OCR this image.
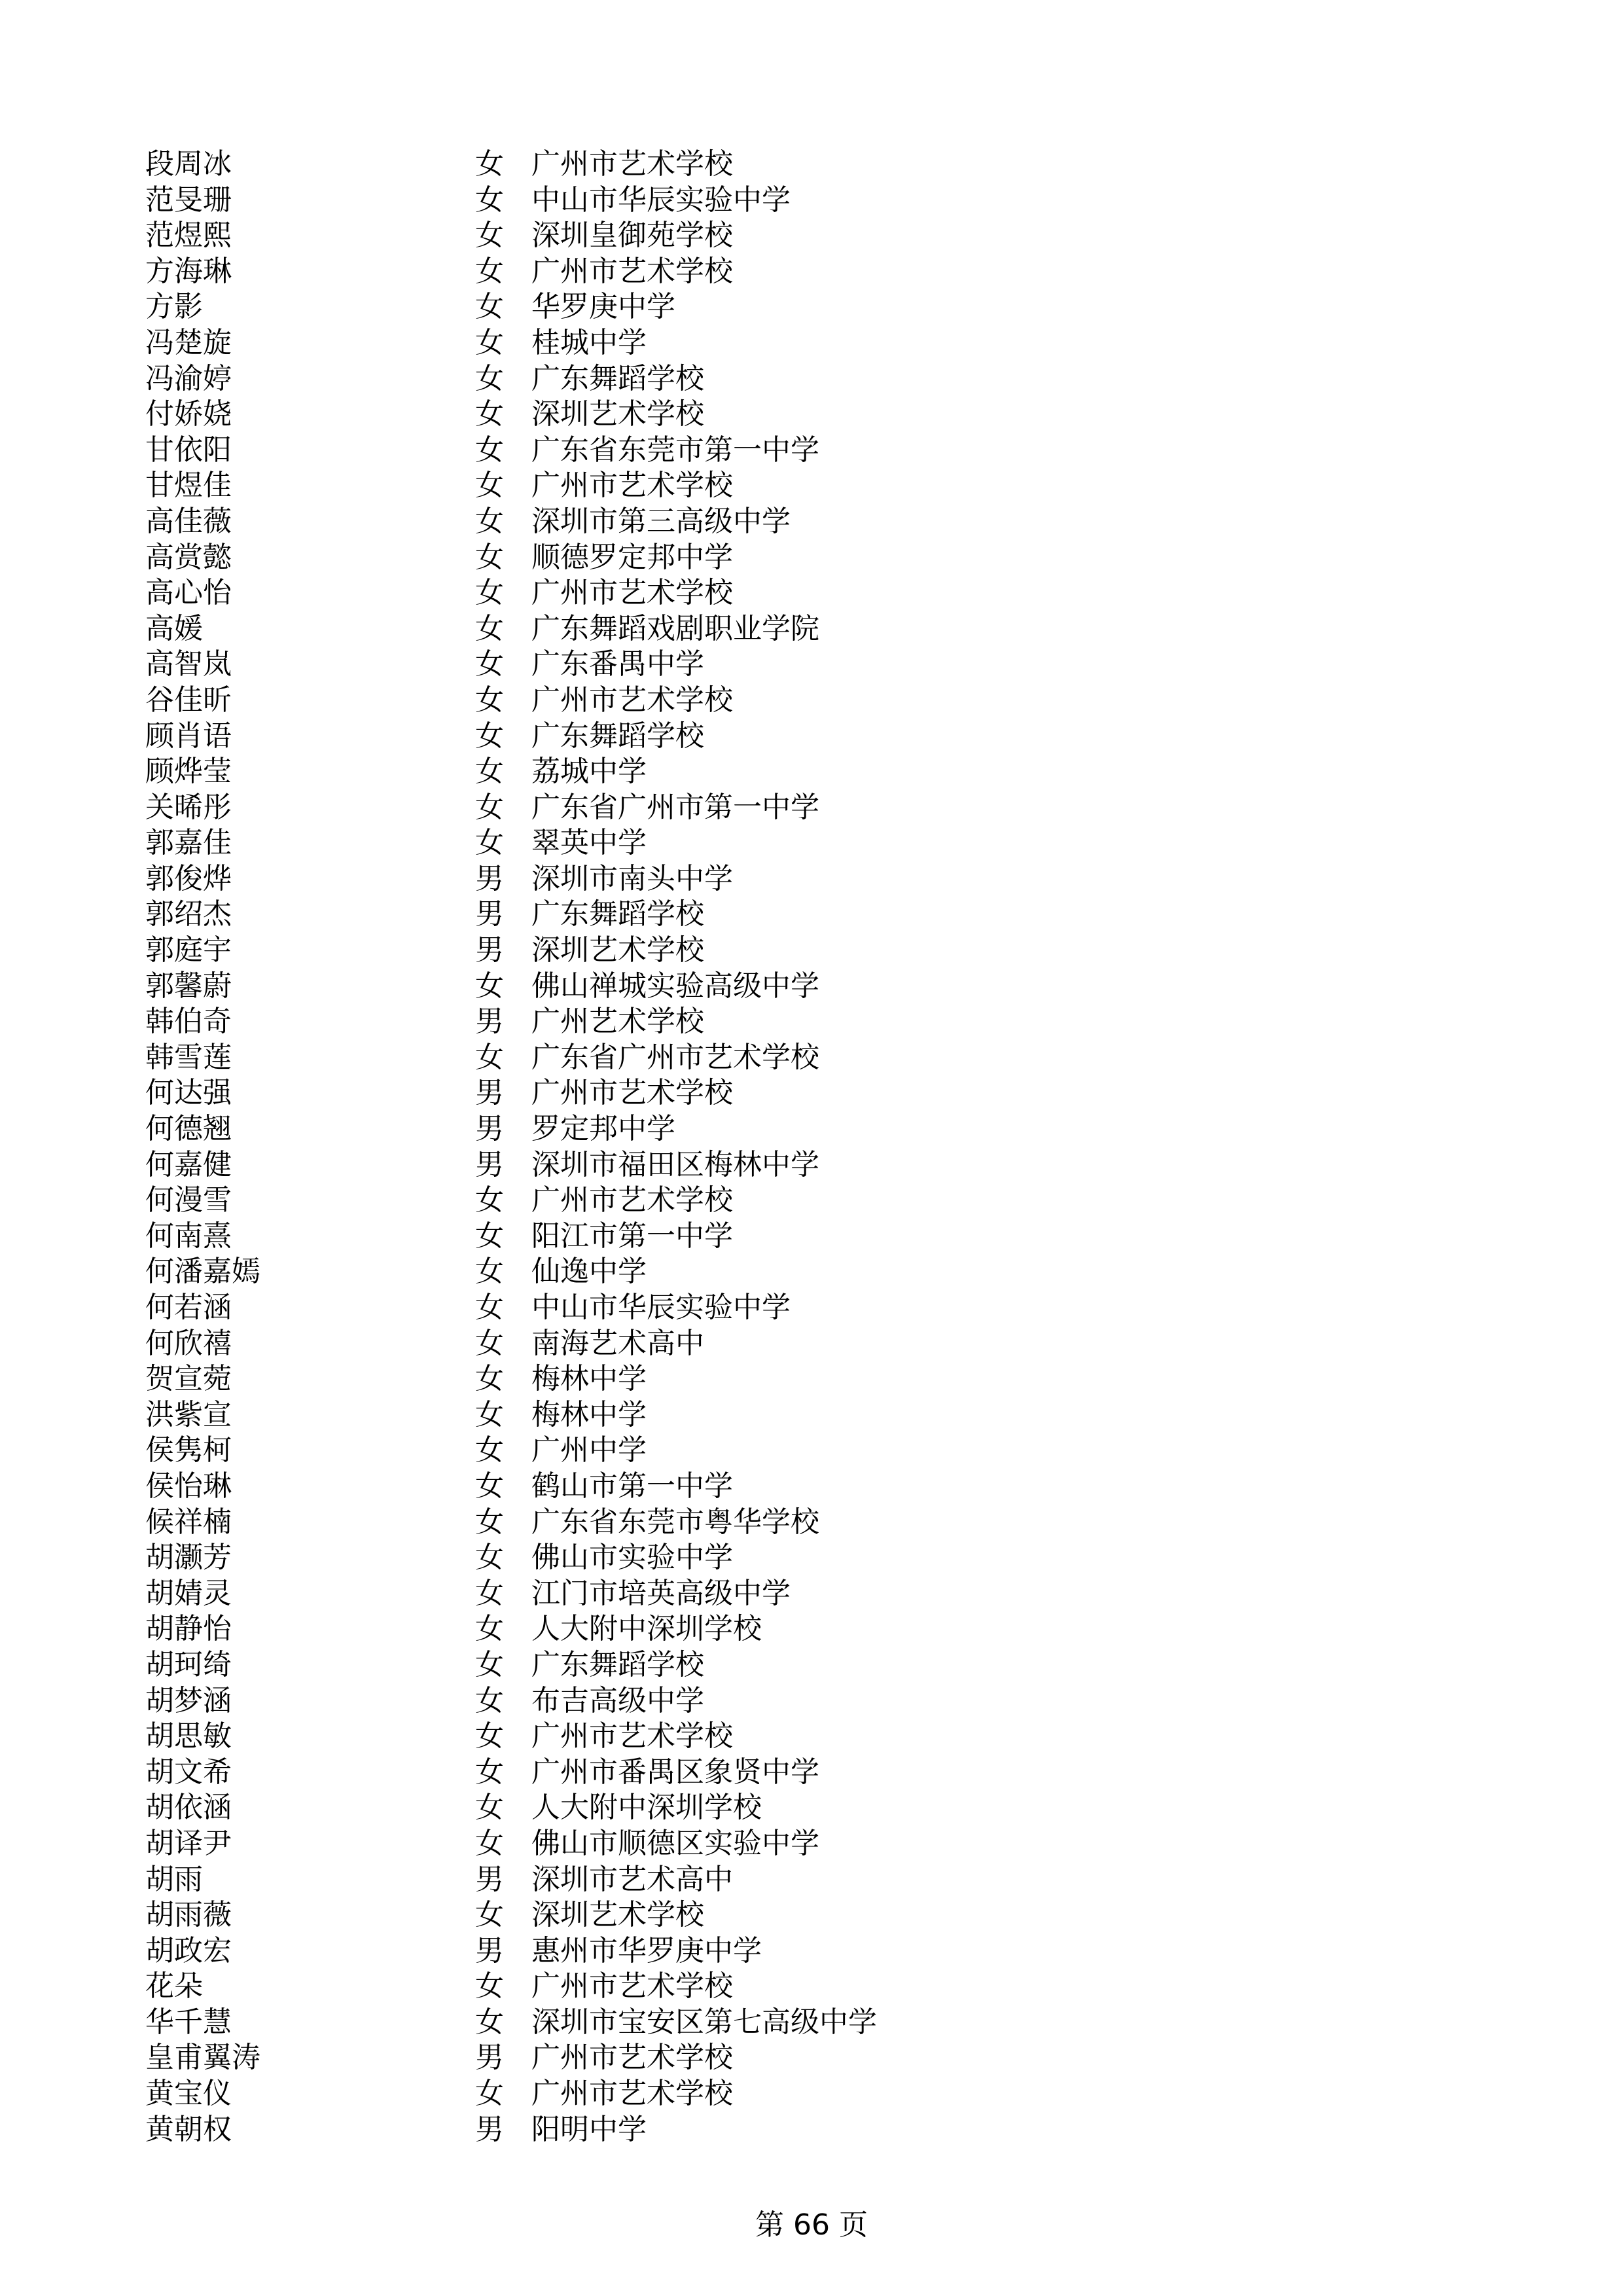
段周冰	女 广州市艺术学校
范旻珊	女 中山市华辰实验中学
范煜熙	女 深圳皇御苑学校
方海琳	女 广州市艺术学校
方影	女 华罗庚中学
冯楚旋	女 桂城中学
冯渝婷	女 广东舞蹈学校
付娇娆	女 深圳艺术学校
甘依阳	女 广东省东莞市第一中学
甘煜佳	女 广州市艺术学校
高佳薇	女 深圳市第三高级中学
高赏懿	女 顺德罗定邦中学
高心怡	女 广州市艺术学校
高媛	女 广东舞蹈戏剧职业学院
高智岚	女 广东番禺中学
谷佳昕	女 广州市艺术学校
顾肖语	女 广东舞蹈学校
顾烨莹	女 荔城中学
关晞彤	女 广东省广州市第一中学
郭嘉佳	女 翠英中学
郭俊烨	男 深圳市南头中学
郭绍杰	男 广东舞蹈学校
郭庭宇	男 深圳艺术学校
郭馨蔚	女 佛山禅城实验高级中学
韩伯奇	男 广州艺术学校
韩雪莲	女 广东省广州市艺术学校
何达强	男 广州市艺术学校
何德翘	男 罗定邦中学
何嘉健	男 深圳市福田区梅林中学
何漫雪	女 广州市艺术学校
何南熹	女 阳江市第一中学
何潘嘉嫣	女 仙逸中学
何若涵	女 中山市华辰实验中学
何欣禧	女 南海艺术高中
贺宣菀	女 梅林中学
洪紫宣	女 梅林中学
侯隽柯	女 广州中学
侯怡琳	女 鹤山市第一中学
候祥楠	女 广东省东莞市粤华学校
胡灏芳	女 佛山市实验中学
胡婧灵	女 江门市培英高级中学
胡静怡	女 人大附中深圳学校
胡珂绮	女 广东舞蹈学校
胡梦涵	女 布吉高级中学
胡思敏	女 广州市艺术学校
胡文希	女 广州市番禺区象贤中学
胡依涵	女 人大附中深圳学校
胡译尹	女 佛山市顺德区实验中学
胡雨	男 深圳市艺术高中
胡雨薇	女 深圳艺术学校
胡政宏	男 惠州市华罗庚中学
花朵	女 广州市艺术学校
华千慧	女 深圳市宝安区第七高级中学
皇甫翼涛	男 广州市艺术学校
黄宝仪	女 广州市艺术学校
黄朝权	男 阳明中学
第 66 页
